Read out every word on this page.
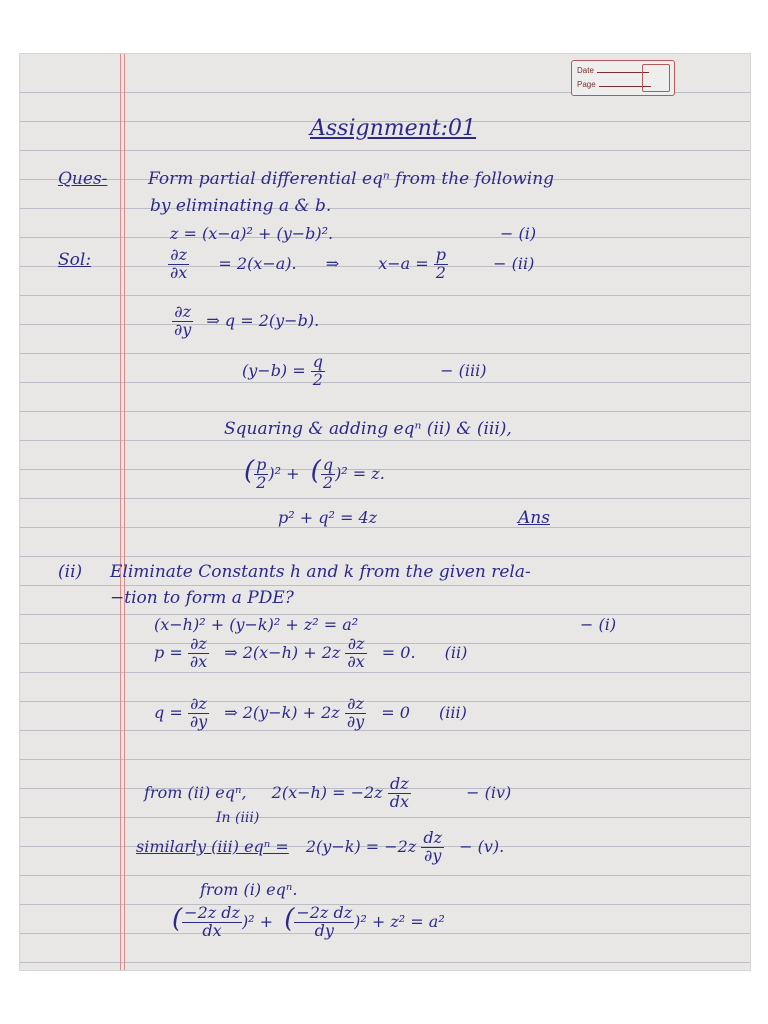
Date
Page
Assignment:01
Ques- Form partial differential eqⁿ from the following
by eliminating a & b.
z = (x−a)² + (y−b)².	− (i)
Sol:	$\frac{\partial z}{\partial x} = 2(x-a)$. ⇒ $x-a = \frac{p}{2}$	− (ii)
$\frac{\partial z}{\partial y}$ ⇒ q = 2(y−b).
$(y-b) = \frac{q}{2}$	− (iii)
Squaring & adding eqⁿ (ii) & (iii),
( $\frac{p}{2} )^2$ + ( $\frac{q}{2} )^2 = z$.
p² + q² = 4z	Ans
(ii) Eliminate Constants h and k from the given rela-
−tion to form a PDE?
(x−h)² + (y−k)² + z² = a²	− (i)
$p = \frac{\partial z}{\partial x}$ ⇒ $2(x-h) + 2z \frac{\partial z}{\partial x} = 0$. (ii)
$q = \frac{\partial z}{\partial y}$ ⇒ $2(y-k) + 2z \frac{\partial z}{\partial y} = 0$ (iii)
from (ii) eqⁿ, $2(x-h) = -2z \frac{dz}{dx}$	− (iv)
In (iii)
similarly (iii) $eq^n = 2(y-k) = -2z \frac{dz}{\partial y} - (v)$.
from (i) eqⁿ.
( $\frac{\text{−2z dz}}{dx} )^2$ + ( $\frac{\text{−2z dz}}{dy} )^2 + z^2 = a^2$
